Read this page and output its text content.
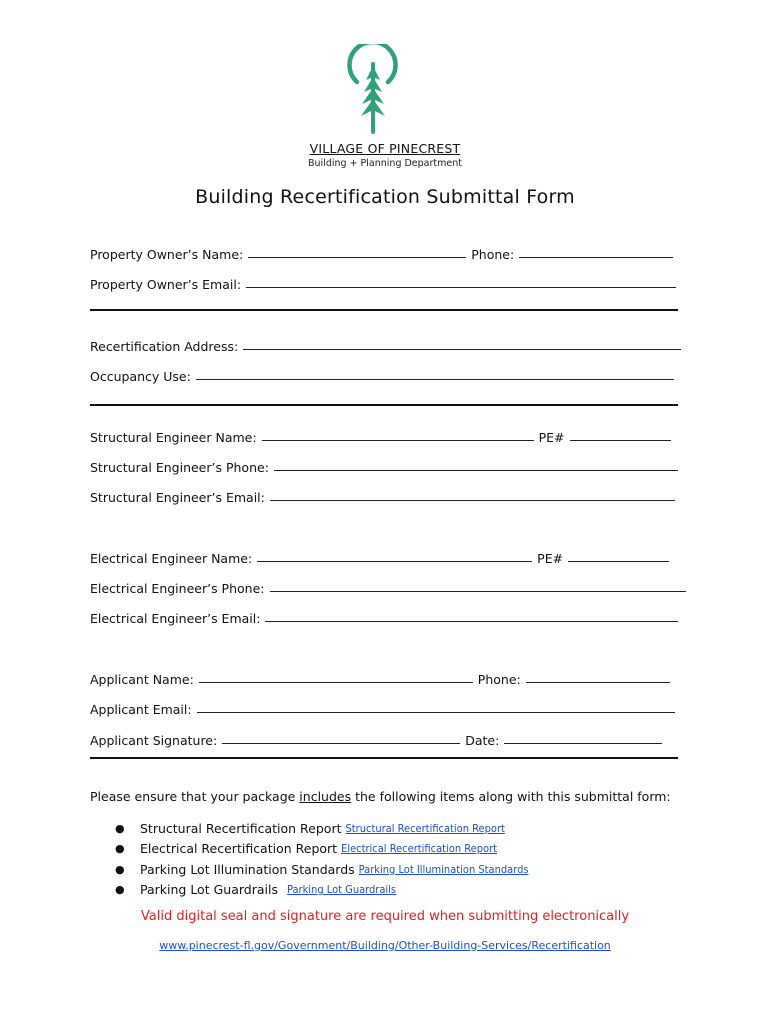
VILLAGE OF PINECREST
Building + Planning Department
Building Recertification Submittal Form
Property Owner’s Name:	Phone:
Property Owner’s Email:
Recertification Address:
Occupancy Use:
Structural Engineer Name:	PE#
Structural Engineer’s Phone:
Structural Engineer’s Email:
Electrical Engineer Name:	PE#
Electrical Engineer’s Phone:
Electrical Engineer’s Email:
Applicant Name:	Phone:
Applicant Email:
Applicant Signature:	Date:
Please ensure that your package includes the following items along with this submittal form:
●	Structural Recertification Report Structural Recertification Report
●	Electrical Recertification Report Electrical Recertification Report
●	Parking Lot Illumination Standards Parking Lot Illumination Standards
●	Parking Lot Guardrails Parking Lot Guardrails
Valid digital seal and signature are required when submitting electronically
www.pinecrest-fl.gov/Government/Building/Other-Building-Services/Recertification
